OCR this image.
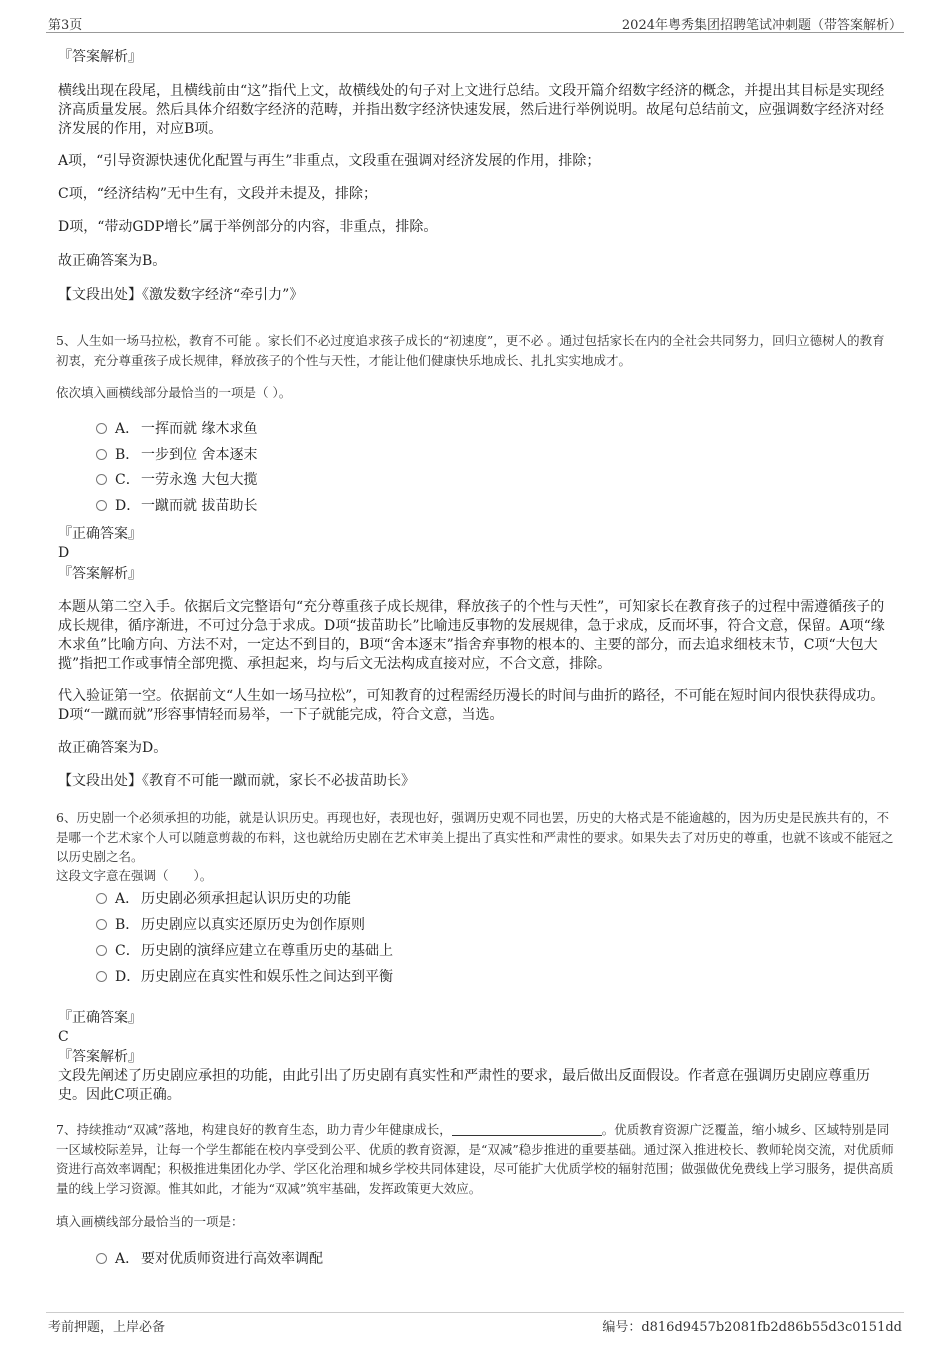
第3页	2024年粤秀集团招聘笔试冲刺题（带答案解析）
『答案解析』
横线出现在段尾，且横线前由“这”指代上文，故横线处的句子对上文进行总结。文段开篇介绍数字经济的概念，并提出其目标是实现经济高质量发展。然后具体介绍数字经济的范畴，并指出数字经济快速发展，然后进行举例说明。故尾句总结前文，应强调数字经济对经济发展的作用，对应B项。
A项，“引导资源快速优化配置与再生”非重点，文段重在强调对经济发展的作用，排除；
C项，“经济结构”无中生有，文段并未提及，排除；
D项，“带动GDP增长”属于举例部分的内容，非重点，排除。
故正确答案为B。
【文段出处】《激发数字经济“牵引力”》
5、人生如一场马拉松，教育不可能 。家长们不必过度追求孩子成长的“初速度”，更不必 。通过包括家长在内的全社会共同努力，回归立德树人的教育初衷，充分尊重孩子成长规律，释放孩子的个性与天性，才能让他们健康快乐地成长、扎扎实实地成才。
依次填入画横线部分最恰当的一项是（ ）。
A． 一挥而就 缘木求鱼
B． 一步到位 舍本逐末
C．一劳永逸 大包大揽
D．一蹴而就 拔苗助长
『正确答案』
D
『答案解析』
本题从第二空入手。依据后文完整语句“充分尊重孩子成长规律，释放孩子的个性与天性”，可知家长在教育孩子的过程中需遵循孩子的成长规律，循序渐进，不可过分急于求成。D项“拔苗助长”比喻违反事物的发展规律，急于求成，反而坏事，符合文意，保留。A项“缘木求鱼”比喻方向、方法不对，一定达不到目的，B项“舍本逐末”指舍弃事物的根本的、主要的部分，而去追求细枝末节，C项“大包大揽”指把工作或事情全部兜揽、承担起来，均与后文无法构成直接对应，不合文意，排除。
代入验证第一空。依据前文“人生如一场马拉松”，可知教育的过程需经历漫长的时间与曲折的路径，不可能在短时间内很快获得成功。D项“一蹴而就”形容事情轻而易举，一下子就能完成，符合文意，当选。
故正确答案为D。
【文段出处】《教育不可能一蹴而就，家长不必拔苗助长》
6、历史剧一个必须承担的功能，就是认识历史。再现也好，表现也好，强调历史观不同也罢，历史的大格式是不能逾越的，因为历史是民族共有的，不是哪一个艺术家个人可以随意剪裁的布料，这也就给历史剧在艺术审美上提出了真实性和严肃性的要求。如果失去了对历史的尊重，也就不该或不能冠之以历史剧之名。
这段文字意在强调（　　）。
A． 历史剧必须承担起认识历史的功能
B． 历史剧应以真实还原历史为创作原则
C．历史剧的演绎应建立在尊重历史的基础上
D．历史剧应在真实性和娱乐性之间达到平衡
『正确答案』
C
『答案解析』
文段先阐述了历史剧应承担的功能，由此引出了历史剧有真实性和严肃性的要求，最后做出反面假设。作者意在强调历史剧应尊重历史。因此C项正确。
7、持续推动“双减”落地，构建良好的教育生态，助力青少年健康成长，	。优质教育资源广泛覆盖，缩小城乡、区域特别是同一区域校际差异，让每一个学生都能在校内享受到公平、优质的教育资源，是“双减”稳步推进的重要基础。通过深入推进校长、教师轮岗交流，对优质师资进行高效率调配；积极推进集团化办学、学区化治理和城乡学校共同体建设，尽可能扩大优质学校的辐射范围；做强做优免费线上学习服务，提供高质量的线上学习资源。惟其如此，才能为“双减”筑牢基础，发挥政策更大效应。
填入画横线部分最恰当的一项是：
A． 要对优质师资进行高效率调配
考前押题，上岸必备	编号：d816d9457b2081fb2d86b55d3c0151dd
